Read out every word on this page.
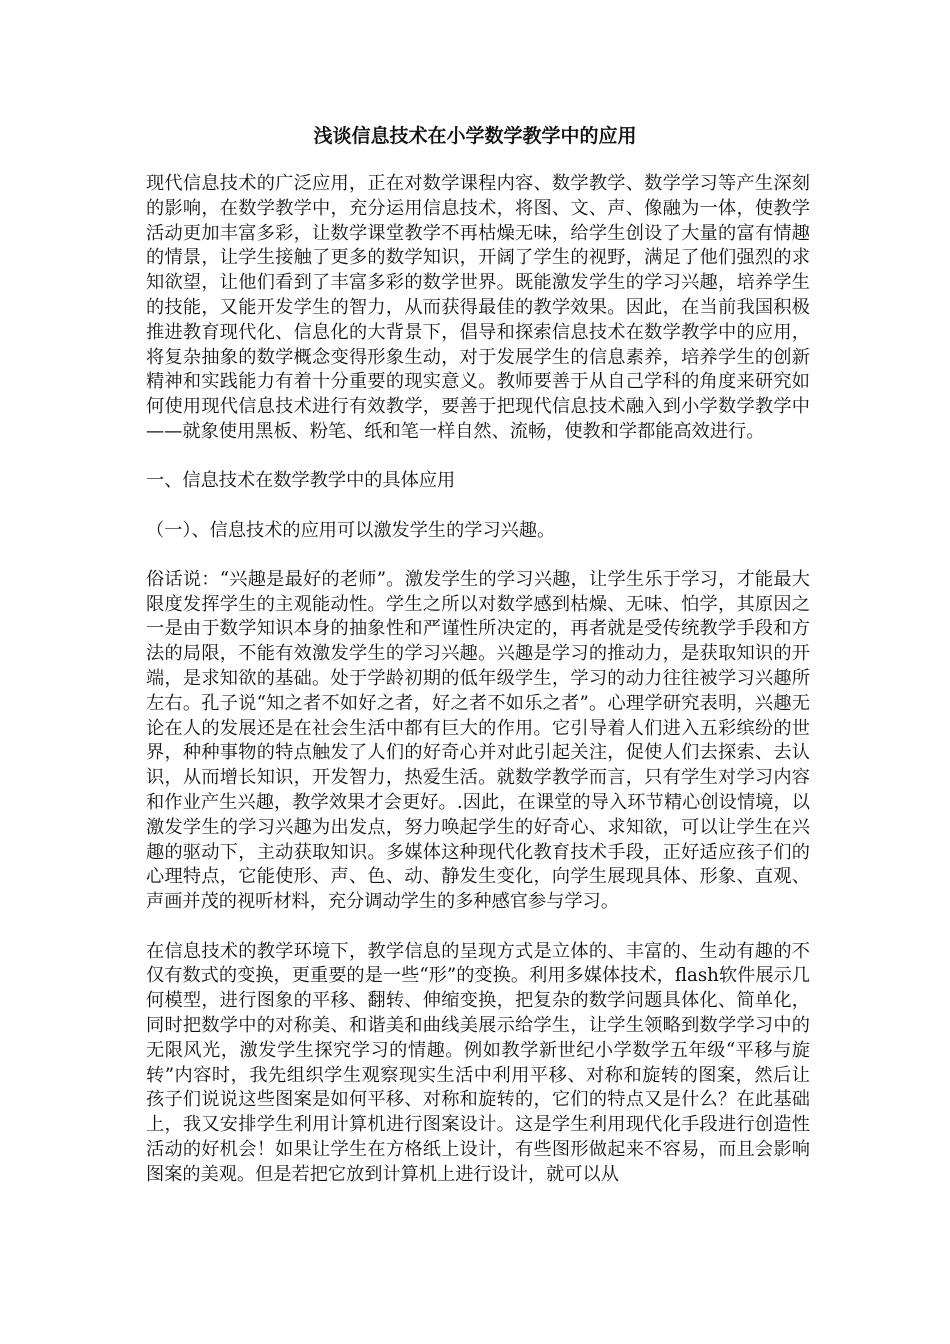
浅谈信息技术在小学数学教学中的应用

现代信息技术的广泛应用，正在对数学课程内容、数学教学、数学学习等产生深刻的影响，在数学教学中，充分运用信息技术，将图、文、声、像融为一体，使教学活动更加丰富多彩，让数学课堂教学不再枯燥无味，给学生创设了大量的富有情趣的情景，让学生接触了更多的数学知识，开阔了学生的视野，满足了他们强烈的求知欲望，让他们看到了丰富多彩的数学世界。既能激发学生的学习兴趣，培养学生的技能，又能开发学生的智力，从而获得最佳的教学效果。因此，在当前我国积极推进教育现代化、信息化的大背景下，倡导和探索信息技术在数学教学中的应用，将复杂抽象的数学概念变得形象生动，对于发展学生的信息素养，培养学生的创新精神和实践能力有着十分重要的现实意义。教师要善于从自己学科的角度来研究如何使用现代信息技术进行有效教学，要善于把现代信息技术融入到小学数学教学中——就象使用黑板、粉笔、纸和笔一样自然、流畅，使教和学都能高效进行。

一、信息技术在数学教学中的具体应用

（一）、信息技术的应用可以激发学生的学习兴趣。

俗话说：“兴趣是最好的老师”。激发学生的学习兴趣，让学生乐于学习，才能最大限度发挥学生的主观能动性。学生之所以对数学感到枯燥、无味、怕学，其原因之一是由于数学知识本身的抽象性和严谨性所决定的，再者就是受传统教学手段和方法的局限，不能有效激发学生的学习兴趣。兴趣是学习的推动力，是获取知识的开端，是求知欲的基础。处于学龄初期的低年级学生，学习的动力往往被学习兴趣所左右。孔子说“知之者不如好之者，好之者不如乐之者”。心理学研究表明，兴趣无论在人的发展还是在社会生活中都有巨大的作用。它引导着人们进入五彩缤纷的世界，种种事物的特点触发了人们的好奇心并对此引起关注，促使人们去探索、去认识，从而增长知识，开发智力，热爱生活。就数学教学而言，只有学生对学习内容和作业产生兴趣，教学效果才会更好。.因此，在课堂的导入环节精心创设情境，以激发学生的学习兴趣为出发点，努力唤起学生的好奇心、求知欲，可以让学生在兴趣的驱动下，主动获取知识。多媒体这种现代化教育技术手段，正好适应孩子们的心理特点，它能使形、声、色、动、静发生变化，向学生展现具体、形象、直观、声画并茂的视听材料，充分调动学生的多种感官参与学习。

在信息技术的教学环境下，教学信息的呈现方式是立体的、丰富的、生动有趣的不仅有数式的变换，更重要的是一些“形”的变换。利用多媒体技术，flash软件展示几何模型，进行图象的平移、翻转、伸缩变换，把复杂的数学问题具体化、简单化，同时把数学中的对称美、和谐美和曲线美展示给学生，让学生领略到数学学习中的无限风光，激发学生探究学习的情趣。例如教学新世纪小学数学五年级“平移与旋转”内容时，我先组织学生观察现实生活中利用平移、对称和旋转的图案，然后让孩子们说说这些图案是如何平移、对称和旋转的，它们的特点又是什么？在此基础上，我又安排学生利用计算机进行图案设计。这是学生利用现代化手段进行创造性活动的好机会！如果让学生在方格纸上设计，有些图形做起来不容易，而且会影响图案的美观。但是若把它放到计算机上进行设计，就可以从
